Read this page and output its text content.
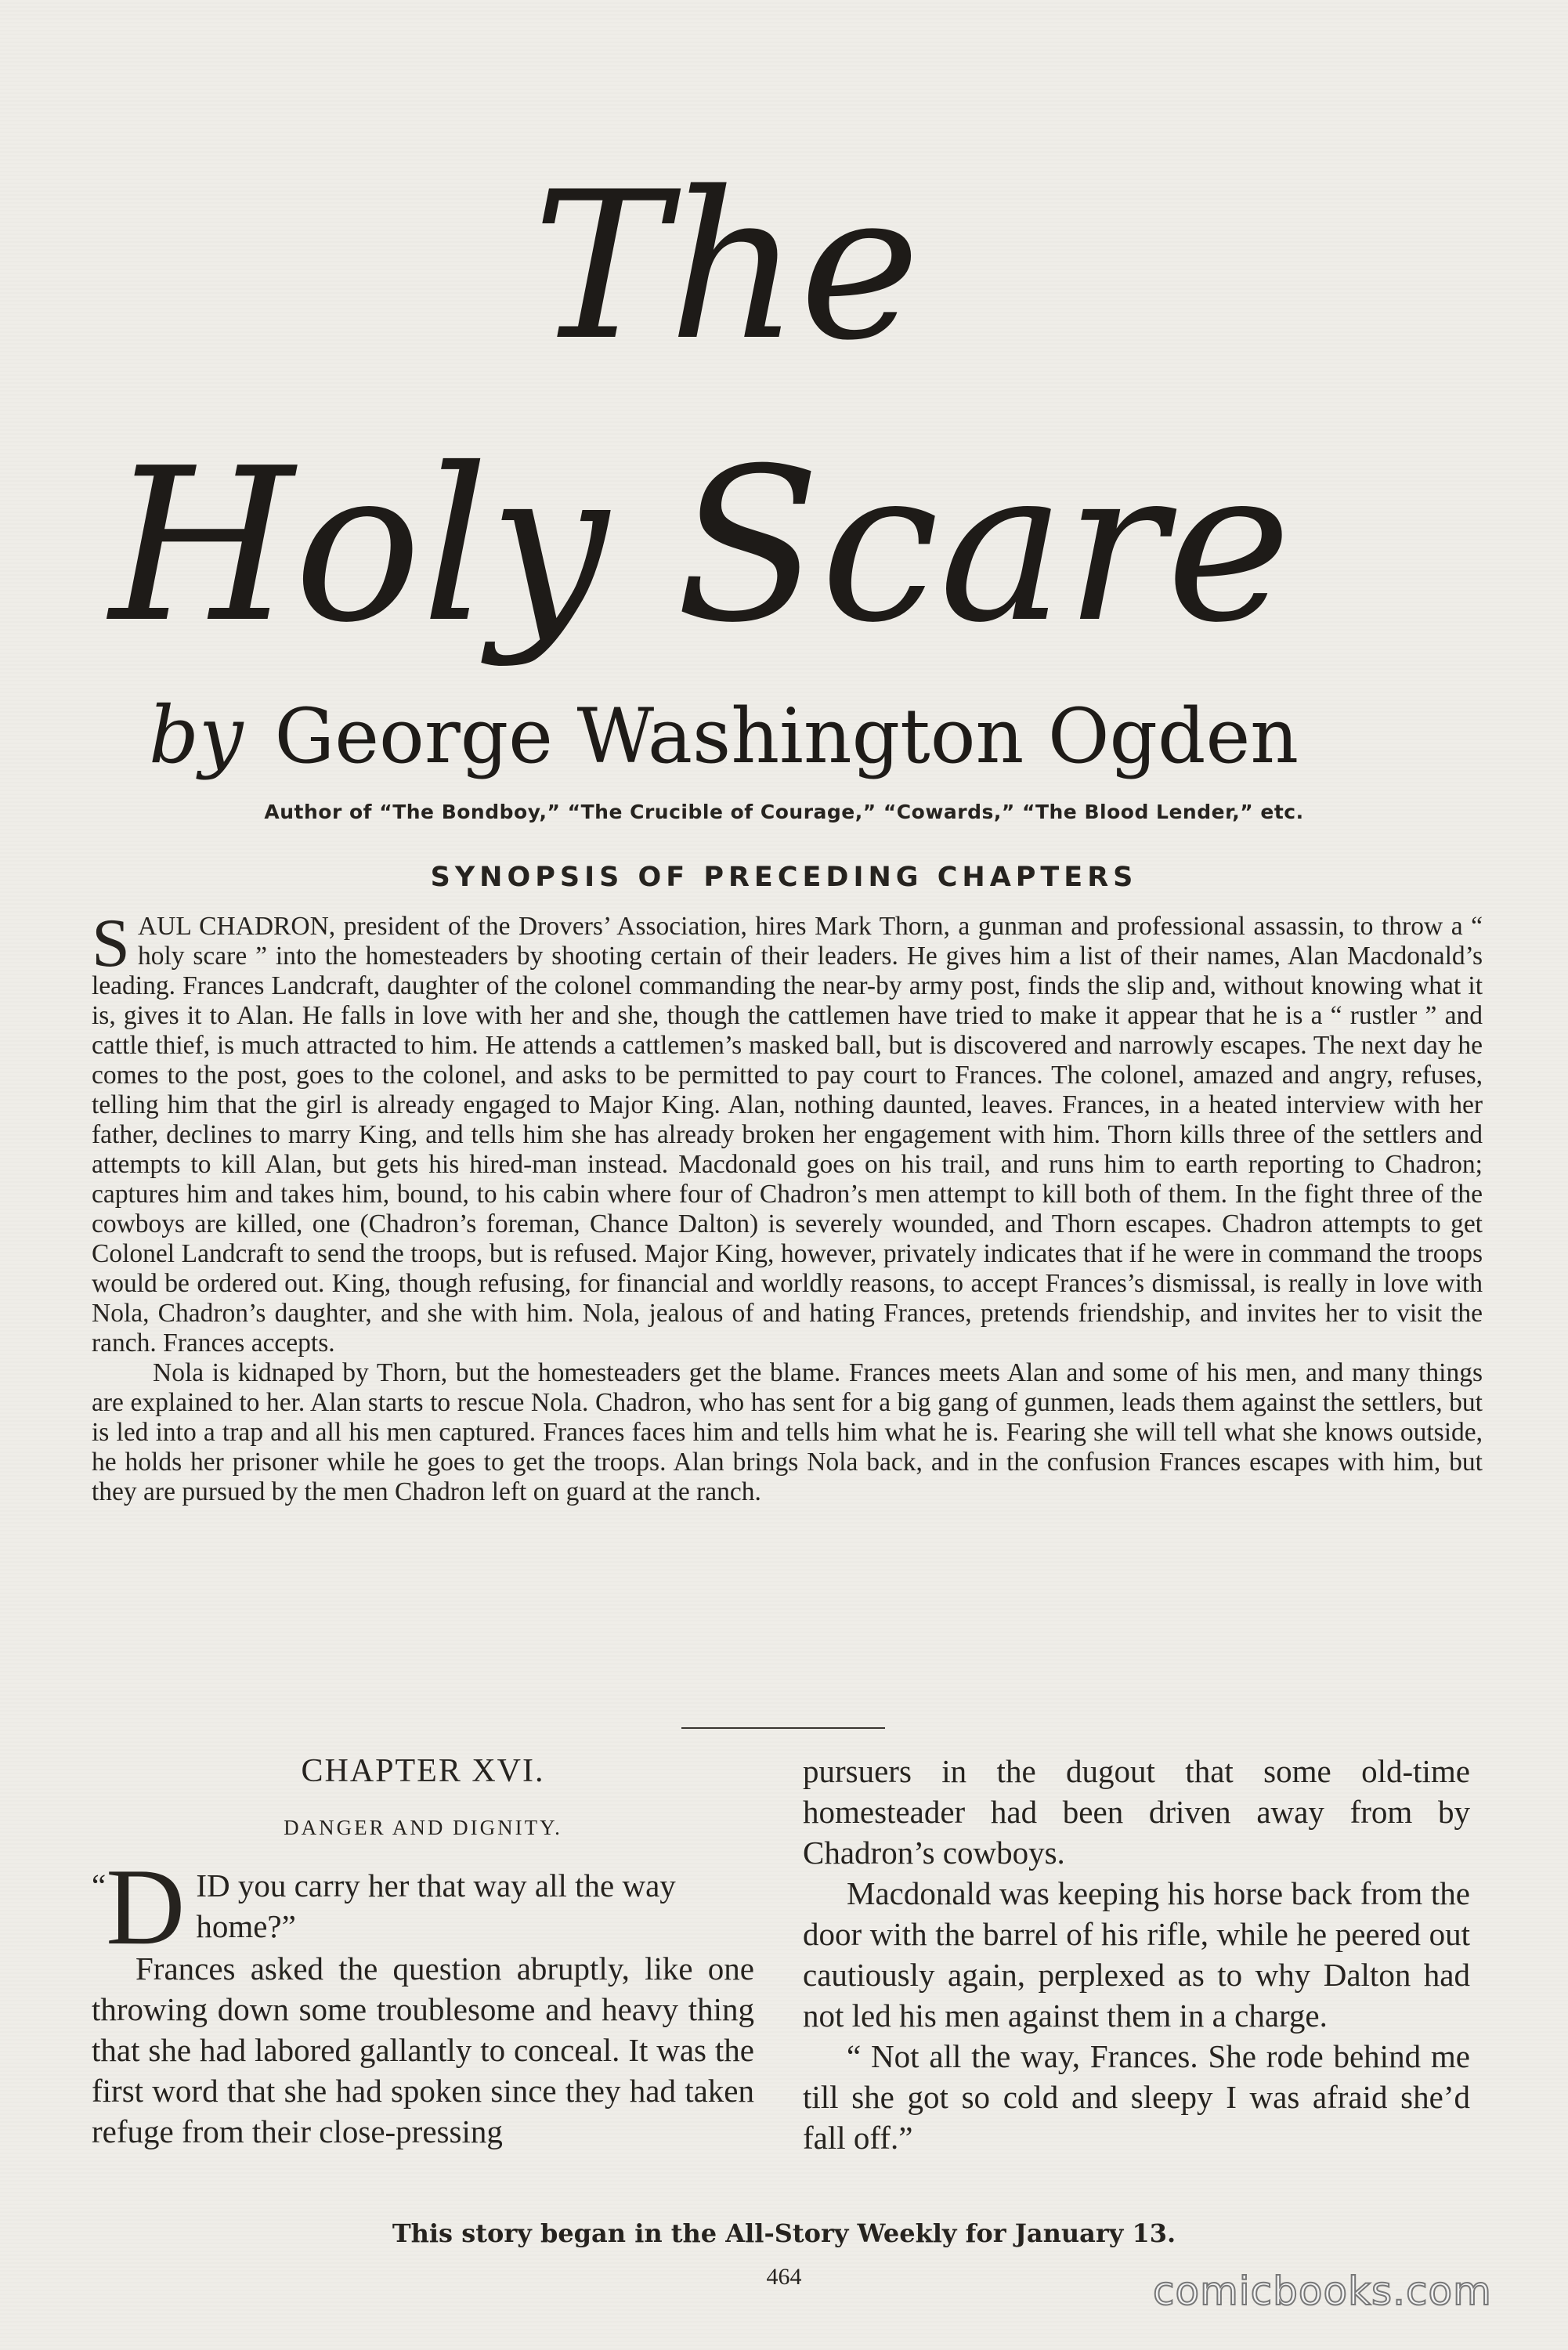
The
Holy Scare
by George Washington Ogden
Author of “The Bondboy,” “The Crucible of Courage,” “Cowards,” “The Blood Lender,” etc.
SYNOPSIS OF PRECEDING CHAPTERS

SAUL CHADRON, president of the Drovers’ Association, hires Mark Thorn, a gunman and professional assassin, to throw a “ holy scare ” into the homesteaders by shooting certain of their leaders. He gives him a list of their names, Alan Macdonald’s leading. Frances Landcraft, daughter of the colonel commanding the near-by army post, finds the slip and, without knowing what it is, gives it to Alan. He falls in love with her and she, though the cattlemen have tried to make it appear that he is a “ rustler ” and cattle thief, is much attracted to him. He attends a cattlemen’s masked ball, but is discovered and narrowly escapes. The next day he comes to the post, goes to the colonel, and asks to be permitted to pay court to Frances. The colonel, amazed and angry, refuses, telling him that the girl is already engaged to Major King. Alan, nothing daunted, leaves. Frances, in a heated interview with her father, declines to marry King, and tells him she has already broken her engagement with him. Thorn kills three of the settlers and attempts to kill Alan, but gets his hired-man instead. Macdonald goes on his trail, and runs him to earth reporting to Chadron; captures him and takes him, bound, to his cabin where four of Chadron’s men attempt to kill both of them. In the fight three of the cowboys are killed, one (Chadron’s foreman, Chance Dalton) is severely wounded, and Thorn escapes. Chadron attempts to get Colonel Landcraft to send the troops, but is refused. Major King, however, privately indicates that if he were in command the troops would be ordered out. King, though refusing, for financial and worldly reasons, to accept Frances’s dismissal, is really in love with Nola, Chadron’s daughter, and she with him. Nola, jealous of and hating Frances, pretends friendship, and invites her to visit the ranch. Frances accepts.

Nola is kidnaped by Thorn, but the homesteaders get the blame. Frances meets Alan and some of his men, and many things are explained to her. Alan starts to rescue Nola. Chadron, who has sent for a big gang of gunmen, leads them against the settlers, but is led into a trap and all his men captured. Frances faces him and tells him what he is. Fearing she will tell what she knows outside, he holds her prisoner while he goes to get the troops. Alan brings Nola back, and in the confusion Frances escapes with him, but they are pursued by the men Chadron left on guard at the ranch.

CHAPTER XVI.
DANGER AND DIGNITY.
“ D ID you carry her that way all the way home?”

Frances asked the question abruptly, like one throwing down some troublesome and heavy thing that she had labored gallantly to conceal. It was the first word that she had spoken since they had taken refuge from their close-pressing

pursuers in the dugout that some old-time homesteader had been driven away from by Chadron’s cowboys.

Macdonald was keeping his horse back from the door with the barrel of his rifle, while he peered out cautiously again, perplexed as to why Dalton had not led his men against them in a charge.

“ Not all the way, Frances. She rode behind me till she got so cold and sleepy I was afraid she’d fall off.”

This story began in the All-Story Weekly for January 13.
464	comicbooks.com
